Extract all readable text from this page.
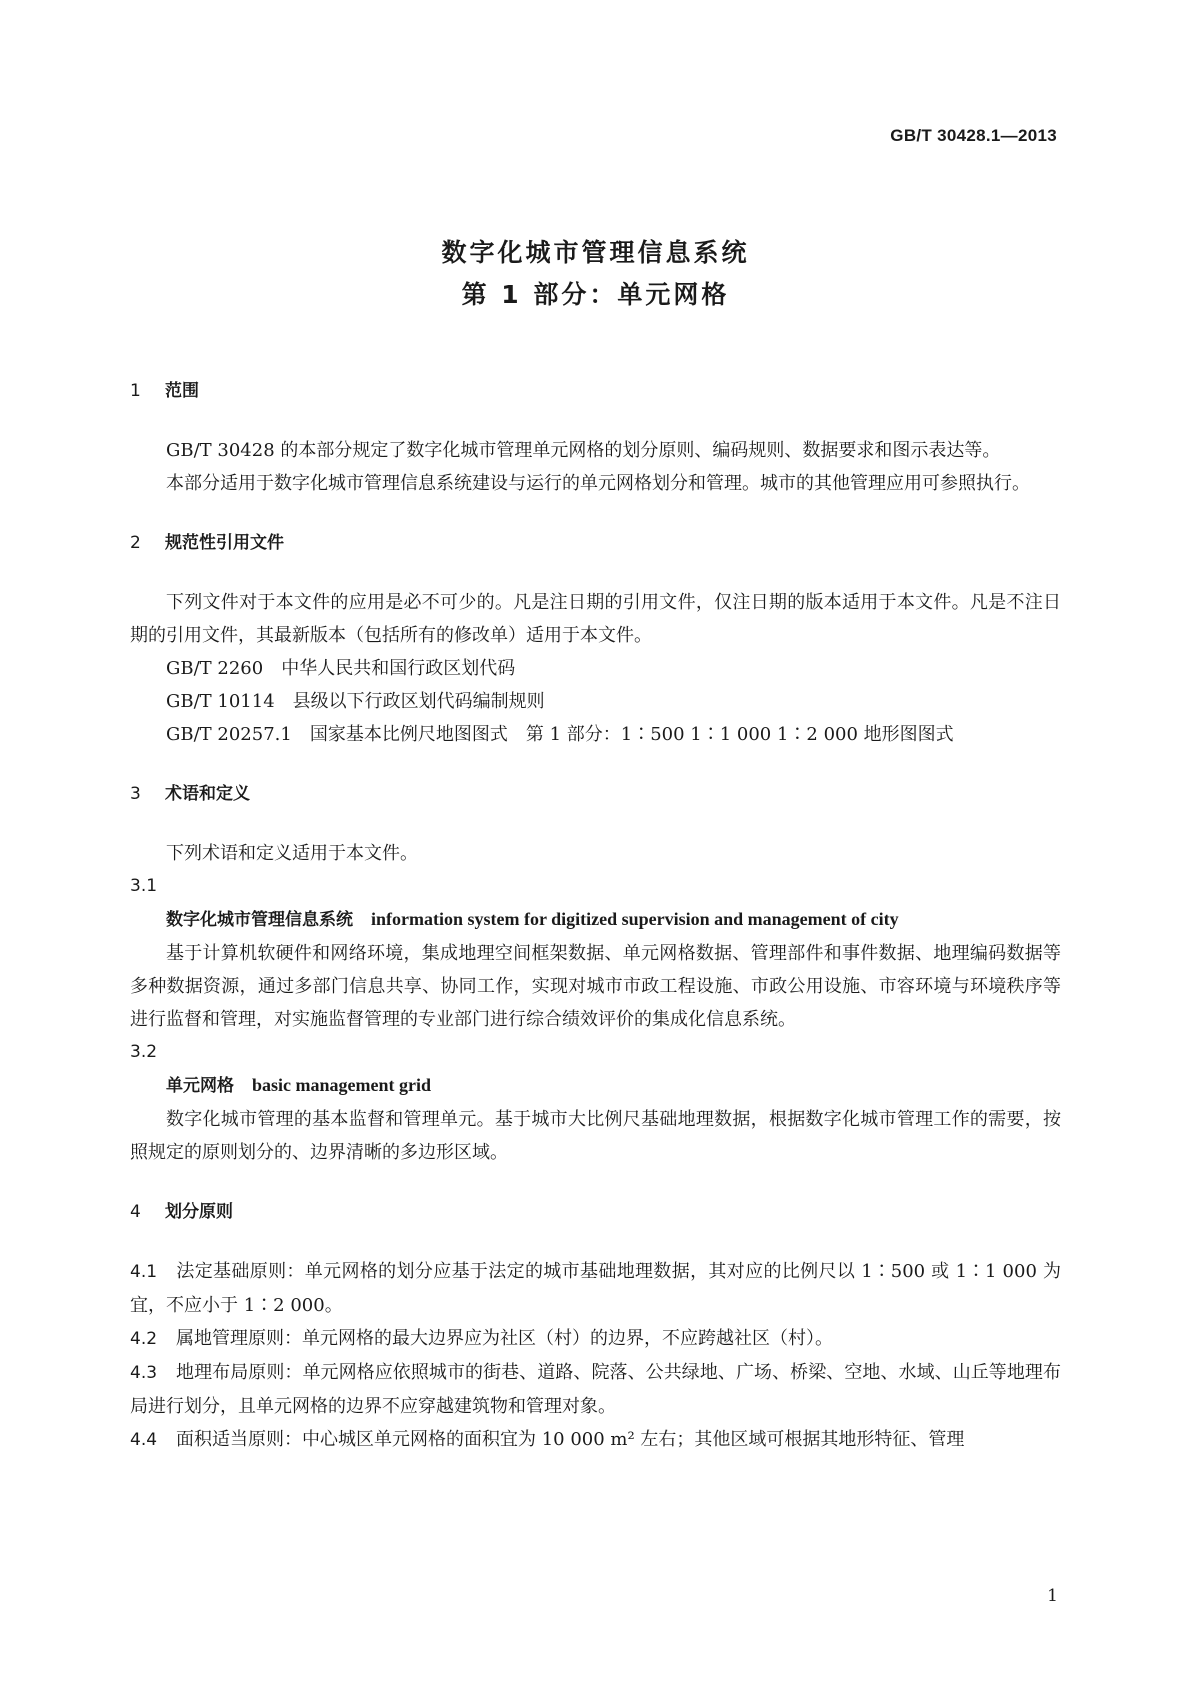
GB/T 30428.1—2013
数字化城市管理信息系统
第 1 部分：单元网格
1 范围

GB/T 30428 的本部分规定了数字化城市管理单元网格的划分原则、编码规则、数据要求和图示表达等。

本部分适用于数字化城市管理信息系统建设与运行的单元网格划分和管理。城市的其他管理应用可参照执行。

2 规范性引用文件

下列文件对于本文件的应用是必不可少的。凡是注日期的引用文件，仅注日期的版本适用于本文件。凡是不注日期的引用文件，其最新版本（包括所有的修改单）适用于本文件。

GB/T 2260 中华人民共和国行政区划代码
GB/T 10114 县级以下行政区划代码编制规则
GB/T 20257.1 国家基本比例尺地图图式　第 1 部分：1∶500 1∶1 000 1∶2 000 地形图图式
3 术语和定义

下列术语和定义适用于本文件。

3.1
数字化城市管理信息系统 information system for digitized supervision and management of city

基于计算机软硬件和网络环境，集成地理空间框架数据、单元网格数据、管理部件和事件数据、地理编码数据等多种数据资源，通过多部门信息共享、协同工作，实现对城市市政工程设施、市政公用设施、市容环境与环境秩序等进行监督和管理，对实施监督管理的专业部门进行综合绩效评价的集成化信息系统。

3.2
单元网格 basic management grid

数字化城市管理的基本监督和管理单元。基于城市大比例尺基础地理数据，根据数字化城市管理工作的需要，按照规定的原则划分的、边界清晰的多边形区域。

4 划分原则
4.1 法定基础原则：单元网格的划分应基于法定的城市基础地理数据，其对应的比例尺以 1∶500 或 1∶1 000 为宜，不应小于 1∶2 000。
4.2 属地管理原则：单元网格的最大边界应为社区（村）的边界，不应跨越社区（村）。
4.3 地理布局原则：单元网格应依照城市的街巷、道路、院落、公共绿地、广场、桥梁、空地、水域、山丘等地理布局进行划分，且单元网格的边界不应穿越建筑物和管理对象。
4.4 面积适当原则：中心城区单元网格的面积宜为 10 000 m² 左右；其他区域可根据其地形特征、管理
1
